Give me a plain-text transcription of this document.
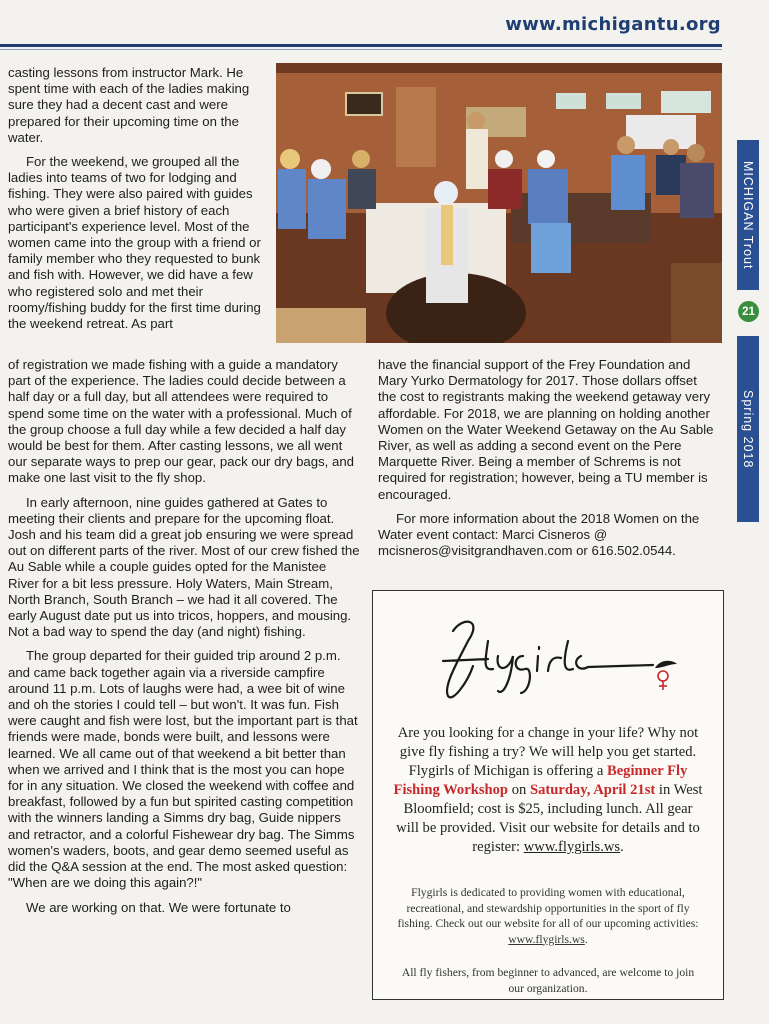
www.michigantu.org

casting lessons from instructor Mark. He spent time with each of the ladies making sure they had a decent cast and were prepared for their upcoming time on the water.

For the weekend, we grouped all the ladies into teams of two for lodging and fishing. They were also paired with guides who were given a brief history of each participant's experience level. Most of the women came into the group with a friend or family member who they requested to bunk and fish with. However, we did have a few who registered solo and met their roomy/fishing buddy for the first time during the weekend retreat. As part

of registration we made fishing with a guide a mandatory part of the experience. The ladies could decide between a half day or a full day, but all attendees were required to spend some time on the water with a professional. Much of the group choose a full day while a few decided a half day would be best for them. After casting lessons, we all went our separate ways to prep our gear, pack our dry bags, and make one last visit to the fly shop.

In early afternoon, nine guides gathered at Gates to meeting their clients and prepare for the upcoming float. Josh and his team did a great job ensuring we were spread out on different parts of the river. Most of our crew fished the Au Sable while a couple guides opted for the Manistee River for a bit less pressure. Holy Waters, Main Stream, North Branch, South Branch – we had it all covered. The early August date put us into tricos, hoppers, and mousing. Not a bad way to spend the day (and night) fishing.

The group departed for their guided trip around 2 p.m. and came back together again via a riverside campfire around 11 p.m. Lots of laughs were had, a wee bit of wine and oh the stories I could tell – but won't. It was fun. Fish were caught and fish were lost, but the important part is that friends were made, bonds were built, and lessons were learned. We all came out of that weekend a bit better than when we arrived and I think that is the most you can hope for in any situation. We closed the weekend with coffee and breakfast, followed by a fun but spirited casting competition with the winners landing a Simms dry bag, Guide nippers and retractor, and a colorful Fishewear dry bag. The Simms women's waders, boots, and gear demo seemed useful as did the Q&A session at the end. The most asked question: "When are we doing this again?!"

We are working on that. We were fortunate to

have the financial support of the Frey Foundation and Mary Yurko Dermatology for 2017. Those dollars offset the cost to registrants making the weekend getaway very affordable. For 2018, we are planning on holding another Women on the Water Weekend Getaway on the Au Sable River, as well as adding a second event on the Pere Marquette River. Being a member of Schrems is not required for registration; however, being a TU member is encouraged.

For more information about the 2018 Women on the Water event contact: Marci Cisneros @ mcisneros@visitgrandhaven.com or 616.502.0544.

MICHIGAN Trout
21
Spring 2018
flygirls
Are you looking for a change in your life? Why not give fly fishing a try? We will help you get started. Flygirls of Michigan is offering a Beginner Fly Fishing Workshop on Saturday, April 21st in West Bloomfield; cost is $25, including lunch. All gear will be provided. Visit our website for details and to register: www.flygirls.ws.
Flygirls is dedicated to providing women with educational, recreational, and stewardship opportunities in the sport of fly fishing. Check out our website for all of our upcoming activities: www.flygirls.ws.
All fly fishers, from beginner to advanced, are welcome to join our organization.
